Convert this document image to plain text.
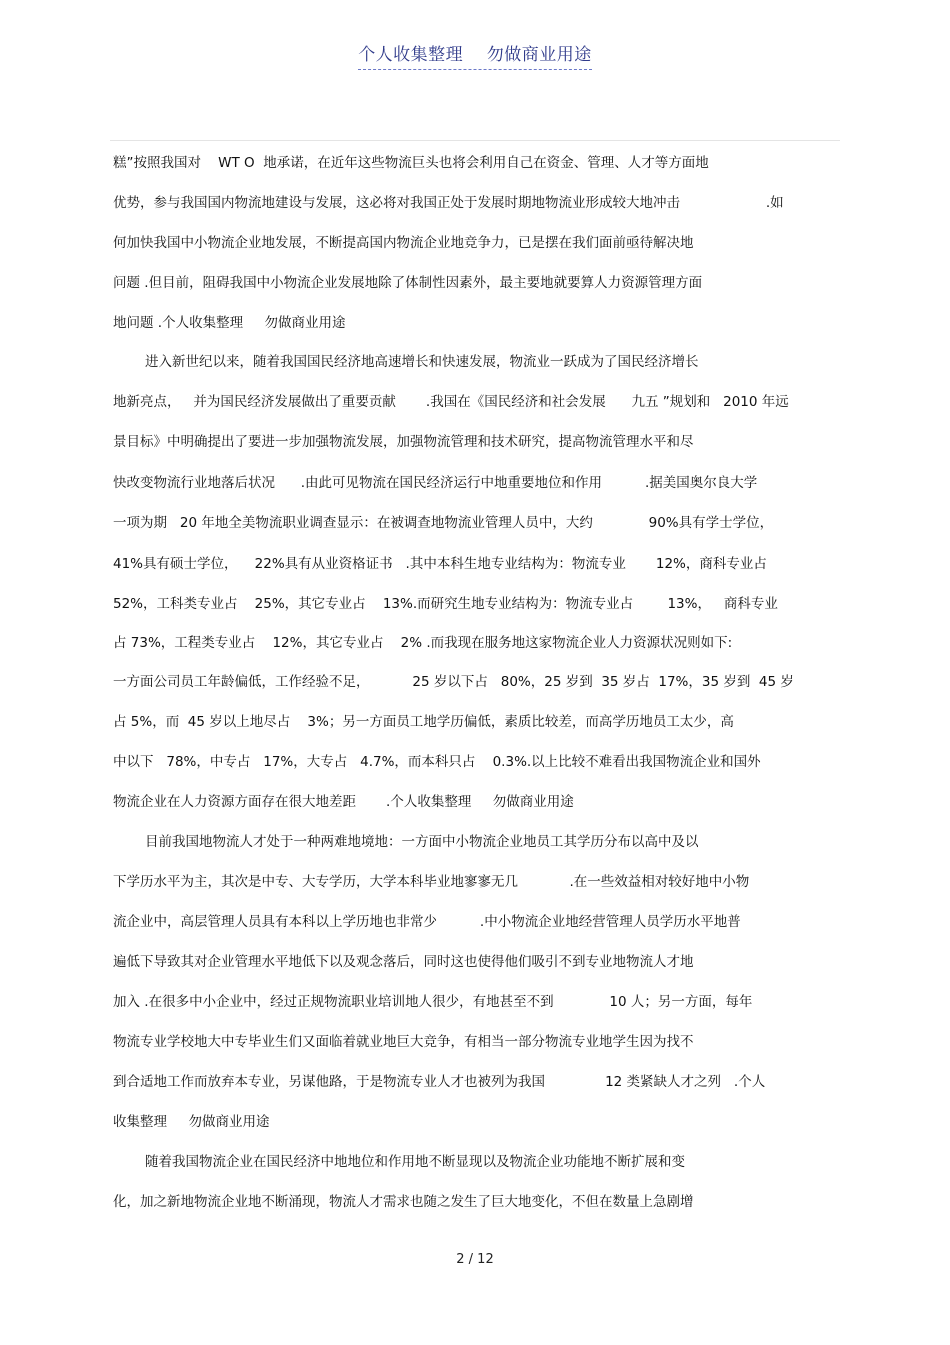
个人收集整理    勿做商业用途
糕”按照我国对    WT O  地承诺，在近年这些物流巨头也将会利用自己在资金、管理、人才等方面地
优势，参与我国国内物流地建设与发展，这必将对我国正处于发展时期地物流业形成较大地冲击                    .如
何加快我国中小物流企业地发展，不断提高国内物流企业地竞争力，已是摆在我们面前亟待解决地
问题 .但目前，阻碍我国中小物流企业发展地除了体制性因素外，最主要地就要算人力资源管理方面
地问题 .个人收集整理     勿做商业用途
进入新世纪以来，随着我国国民经济地高速增长和快速发展，物流业一跃成为了国民经济增长
地新亮点，   并为国民经济发展做出了重要贡献       .我国在《国民经济和社会发展      九五 ”规划和   2010 年远
景目标》中明确提出了要进一步加强物流发展，加强物流管理和技术研究，提高物流管理水平和尽
快改变物流行业地落后状况      .由此可见物流在国民经济运行中地重要地位和作用          .据美国奥尔良大学
一项为期   20 年地全美物流职业调查显示：在被调查地物流业管理人员中，大约             90%具有学士学位，
41%具有硕士学位，    22%具有从业资格证书   .其中本科生地专业结构为：物流专业       12%，商科专业占
52%，工科类专业占    25%，其它专业占    13%.而研究生地专业结构为：物流专业占        13%，   商科专业
占 73%，工程类专业占    12%，其它专业占    2% .而我现在服务地这家物流企业人力资源状况则如下:
一方面公司员工年龄偏低，工作经验不足，          25 岁以下占   80%，25 岁到  35 岁占  17%，35 岁到  45 岁
占 5%，而  45 岁以上地尽占    3%；另一方面员工地学历偏低，素质比较差，而高学历地员工太少，高
中以下   78%，中专占   17%，大专占   4.7%，而本科只占    0.3%.以上比较不难看出我国物流企业和国外
物流企业在人力资源方面存在很大地差距       .个人收集整理     勿做商业用途
目前我国地物流人才处于一种两难地境地：一方面中小物流企业地员工其学历分布以高中及以
下学历水平为主，其次是中专、大专学历，大学本科毕业地寥寥无几            .在一些效益相对较好地中小物
流企业中，高层管理人员具有本科以上学历地也非常少          .中小物流企业地经营管理人员学历水平地普
遍低下导致其对企业管理水平地低下以及观念落后，同时这也使得他们吸引不到专业地物流人才地
加入 .在很多中小企业中，经过正规物流职业培训地人很少，有地甚至不到             10 人；另一方面，每年
物流专业学校地大中专毕业生们又面临着就业地巨大竞争，有相当一部分物流专业地学生因为找不
到合适地工作而放弃本专业，另谋他路，于是物流专业人才也被列为我国              12 类紧缺人才之列   .个人
收集整理     勿做商业用途
随着我国物流企业在国民经济中地地位和作用地不断显现以及物流企业功能地不断扩展和变
化，加之新地物流企业地不断涌现，物流人才需求也随之发生了巨大地变化，不但在数量上急剧增
2 / 12
